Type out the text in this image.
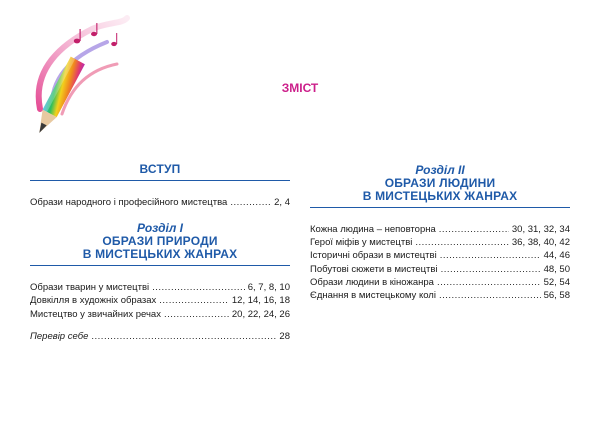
ЗМІСТ
ВСТУП
Образи народного і професійного мистецтва .....	2, 4
Розділ І
ОБРАЗИ ПРИРОДИ
В МИСТЕЦЬКИХ ЖАНРАХ
Образи тварин у мистецтві .....	6, 7, 8, 10
Довкілля в художніх образах .....	12, 14, 16, 18
Мистецтво у звичайних речах .....	20, 22, 24, 26
Перевір себе .....	28
Розділ ІІ
ОБРАЗИ ЛЮДИНИ
В МИСТЕЦЬКИХ ЖАНРАХ
Кожна людина – неповторна .....	30, 31, 32, 34
Герої міфів у мистецтві .....	36, 38, 40, 42
Історичні образи в мистецтві .....	44, 46
Побутові сюжети в мистецтві .....	48, 50
Образи людини в кіножанра .....	52, 54
Єднання в мистецькому колі .....	56, 58
